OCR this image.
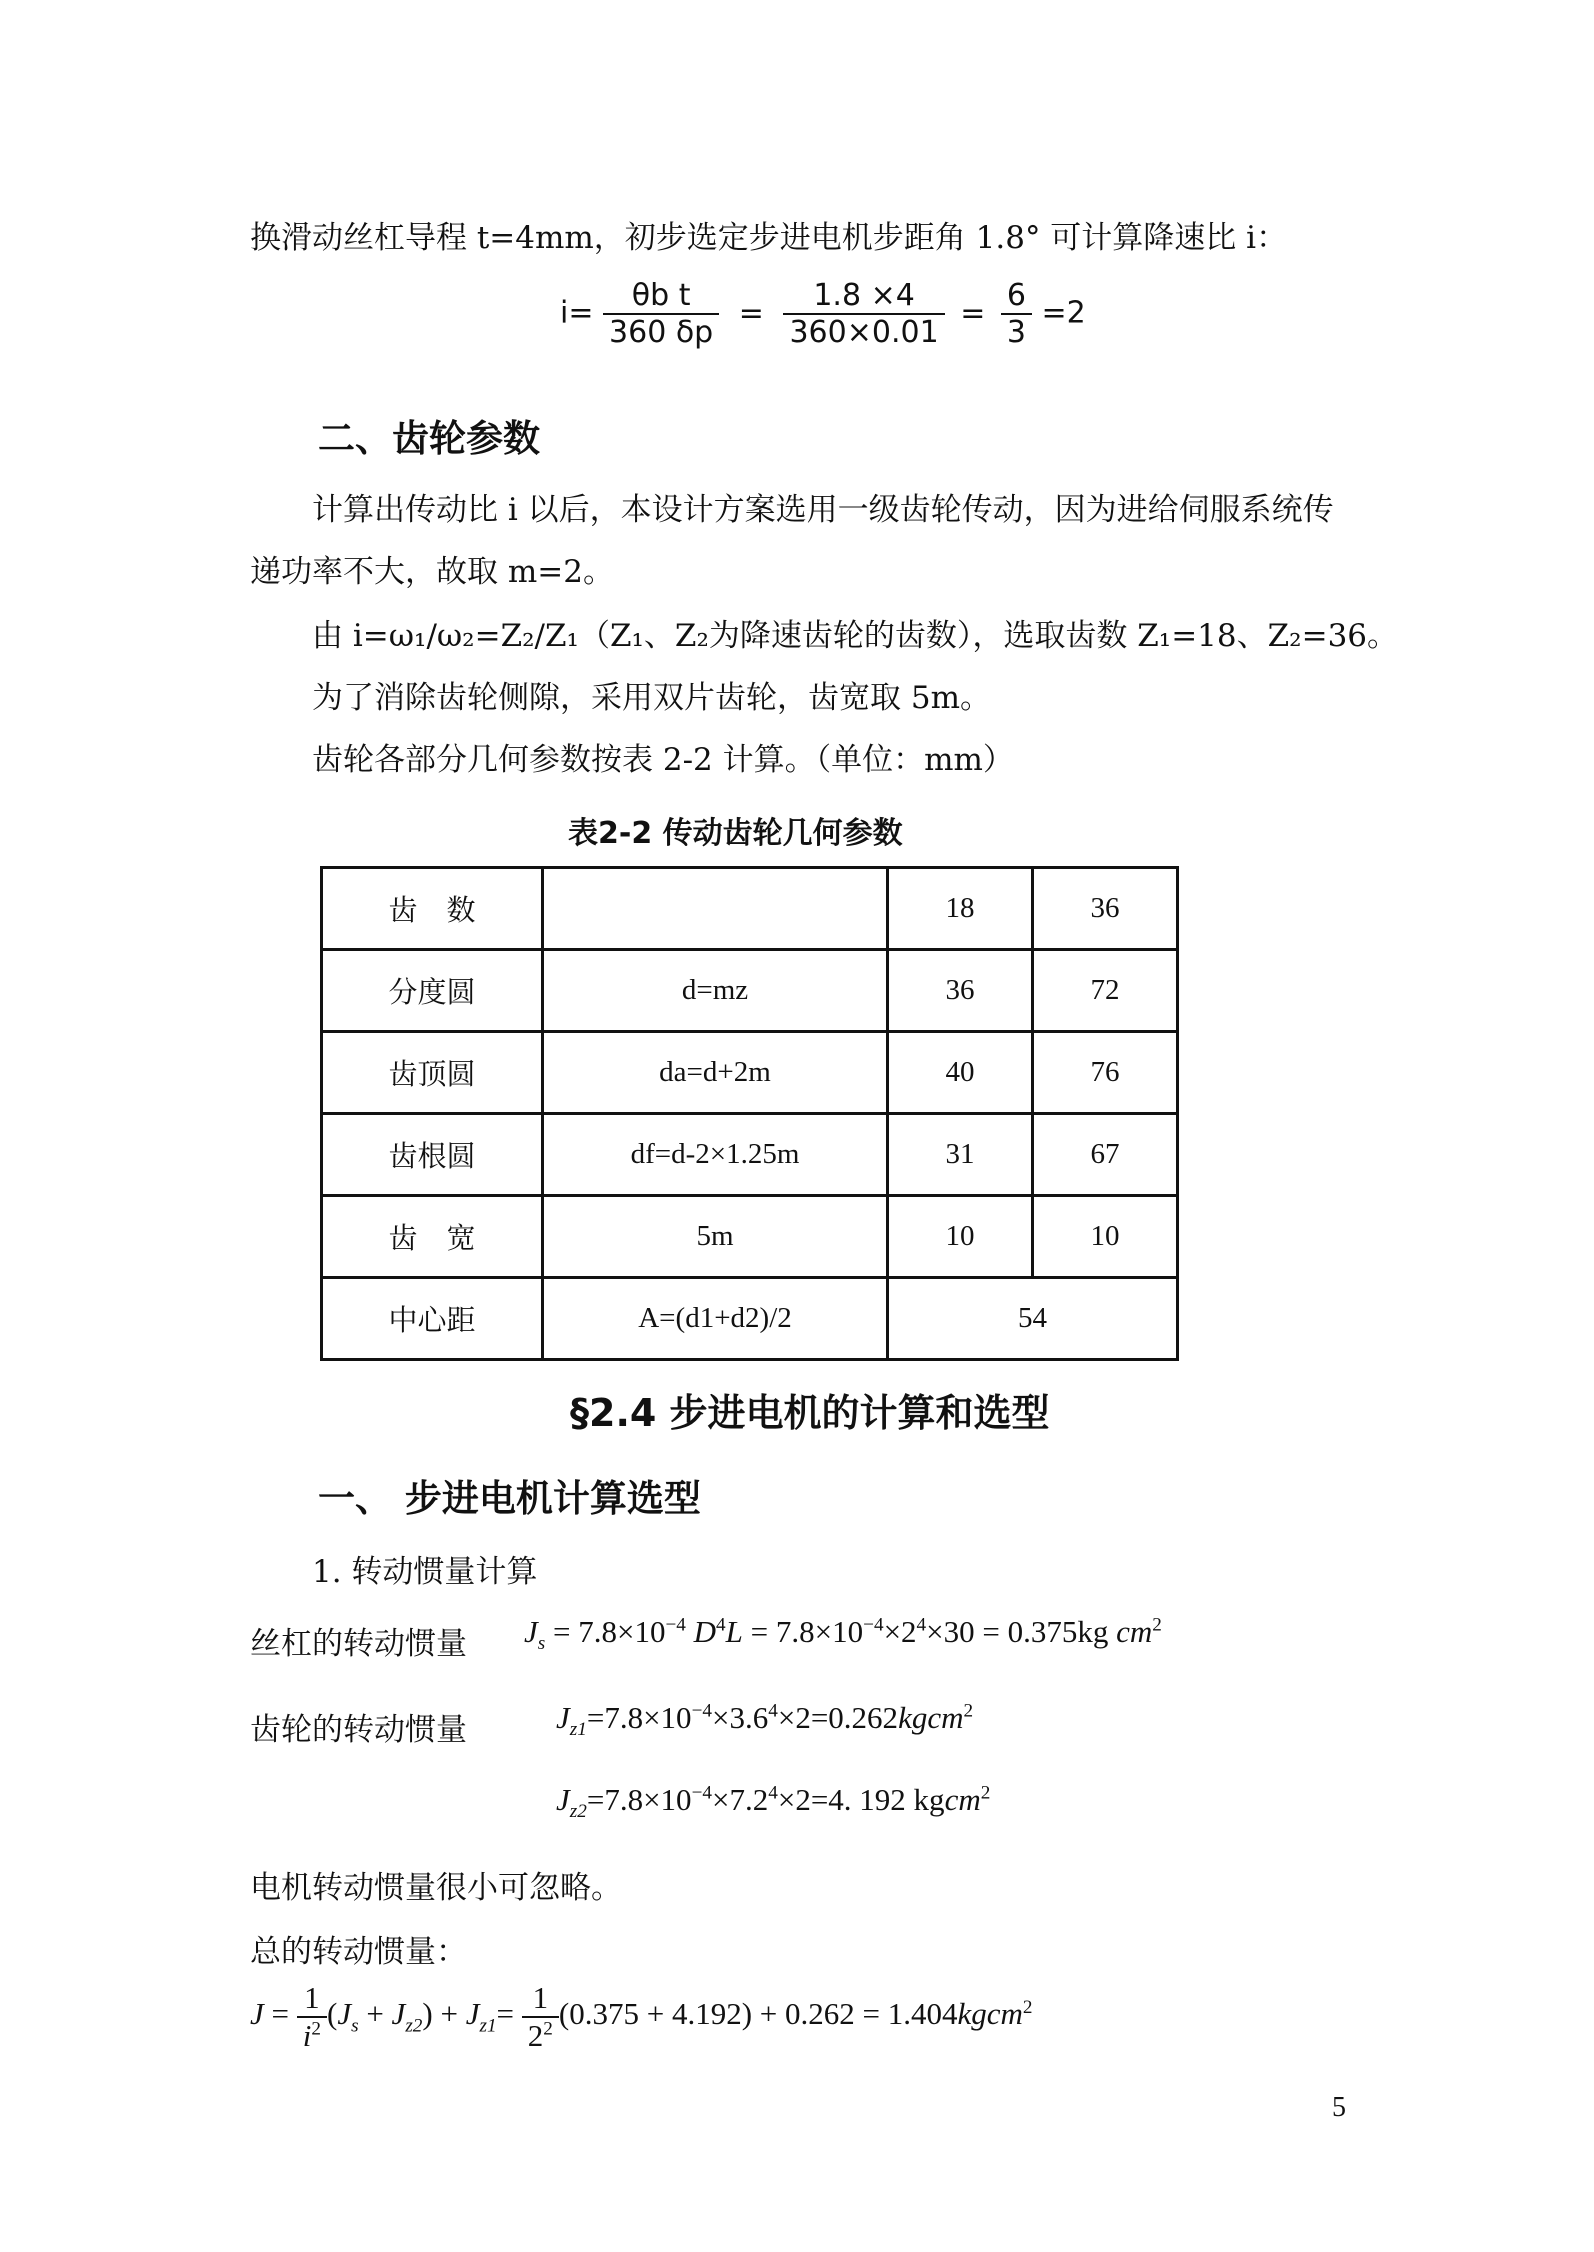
换滑动丝杠导程 t=4mm，初步选定步进电机步距角 1.8° 可计算降速比 i：
$i= \frac{\text{θb t}}{360 \delta p} = \frac{1.8 \times 4}{360\times 0.01} = \frac{6}{3} =2$
二、齿轮参数
计算出传动比 i 以后，本设计方案选用一级齿轮传动，因为进给伺服系统传
递功率不大，故取 m=2。
由 i=ω₁/ω₂=Z₂/Z₁（Z₁、Z₂为降速齿轮的齿数），选取齿数 Z₁=18、Z₂=36。
为了消除齿轮侧隙，采用双片齿轮，齿宽取 5m。
齿轮各部分几何参数按表 2-2 计算。（单位：mm）
表2-2 传动齿轮几何参数
齿　数		18	36
分度圆	d=mz	36	72
齿顶圆	da=d+2m	40	76
齿根圆	df=d-2×1.25m	31	67
齿　宽	5m	10	10
中心距	A=(d1+d2)/2	54	
§2.4 步进电机的计算和选型
一、 步进电机计算选型
1. 转动惯量计算
丝杠的转动惯量 $J_s = 7.8\times 10^{-4}$ $D^4L = 7.8\times 10^{-4}\times 2^4\times 30 = 0.375kg$ $cm^2$
齿轮的转动惯量	$J_{z1}=7.8\times 10^{-4}\times 3.6^4\times 2=0.262kgcm^2$
$J_{z2}=7.8\times 10^{-4}\times 7.2^4\times 2=4$. 192 kgcm$^2$
电机转动惯量很小可忽略。
总的转动惯量：
$J = \frac{1}{i^2} (J_s + J_{z2}) + J_{z1}= \frac{1}{2^2} (0.375 + 4.192) + 0.262$ = 1.404kgcm$^2$
5
